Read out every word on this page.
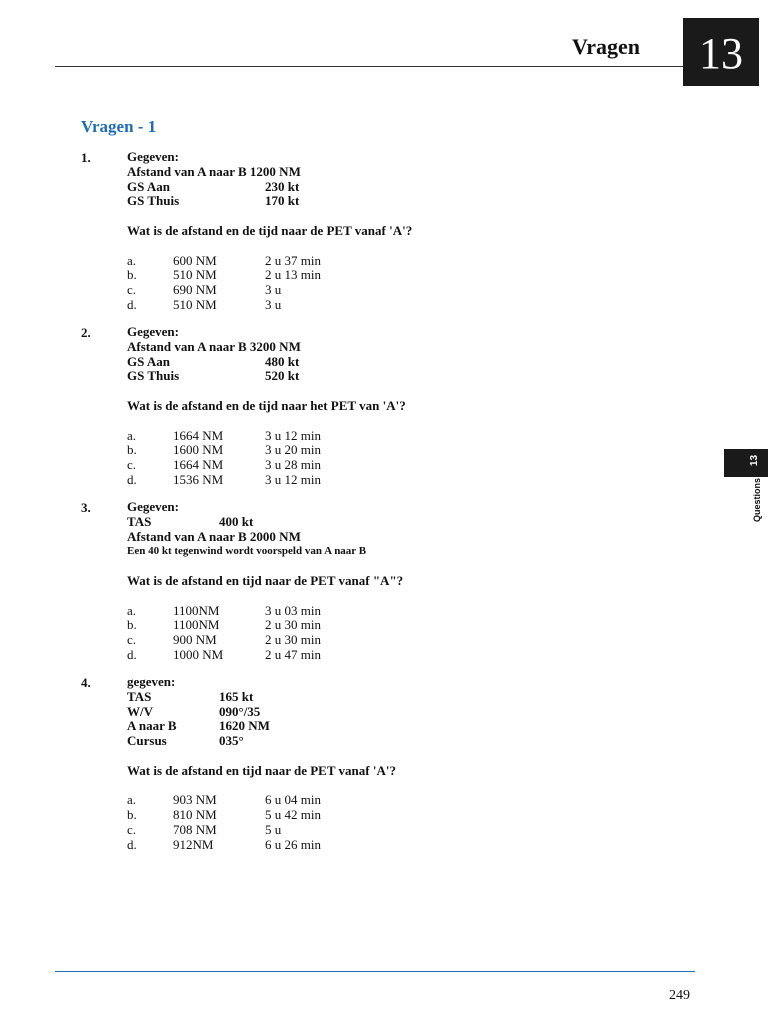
Vragen	13
Vragen - 1
1.	Gegeven:
Afstand van A naar B 1200 NM
GS Aan	230 kt
GS Thuis	170 kt
Wat is de afstand en de tijd naar de PET vanaf 'A'?
a.	600 NM	2 u 37 min
b.	510 NM	2 u 13 min
c.	690 NM	3 u
d.	510 NM	3 u
2.	Gegeven:
Afstand van A naar B 3200 NM
GS Aan	480 kt
GS Thuis	520 kt
Wat is de afstand en de tijd naar het PET van 'A'?
a.	1664 NM	3 u 12 min
b.	1600 NM	3 u 20 min
c.	1664 NM	3 u 28 min
d.	1536 NM	3 u 12 min
3.	Gegeven:
TAS	400 kt
Afstand van A naar B 2000 NM
Een 40 kt tegenwind wordt voorspeld van A naar B
Wat is de afstand en tijd naar de PET vanaf "A"?
a.	1100NM	3 u 03 min
b.	1100NM	2 u 30 min
c.	900 NM	2 u 30 min
d.	1000 NM	2 u 47 min
4.	gegeven:
TAS	165 kt
W/V	090°/35
A naar B	1620 NM
Cursus	035°
Wat is de afstand en tijd naar de PET vanaf 'A'?
a.	903 NM	6 u 04 min
b.	810 NM	5 u 42 min
c.	708 NM	5 u
d.	912NM	6 u 26 min
13
Questions
249
